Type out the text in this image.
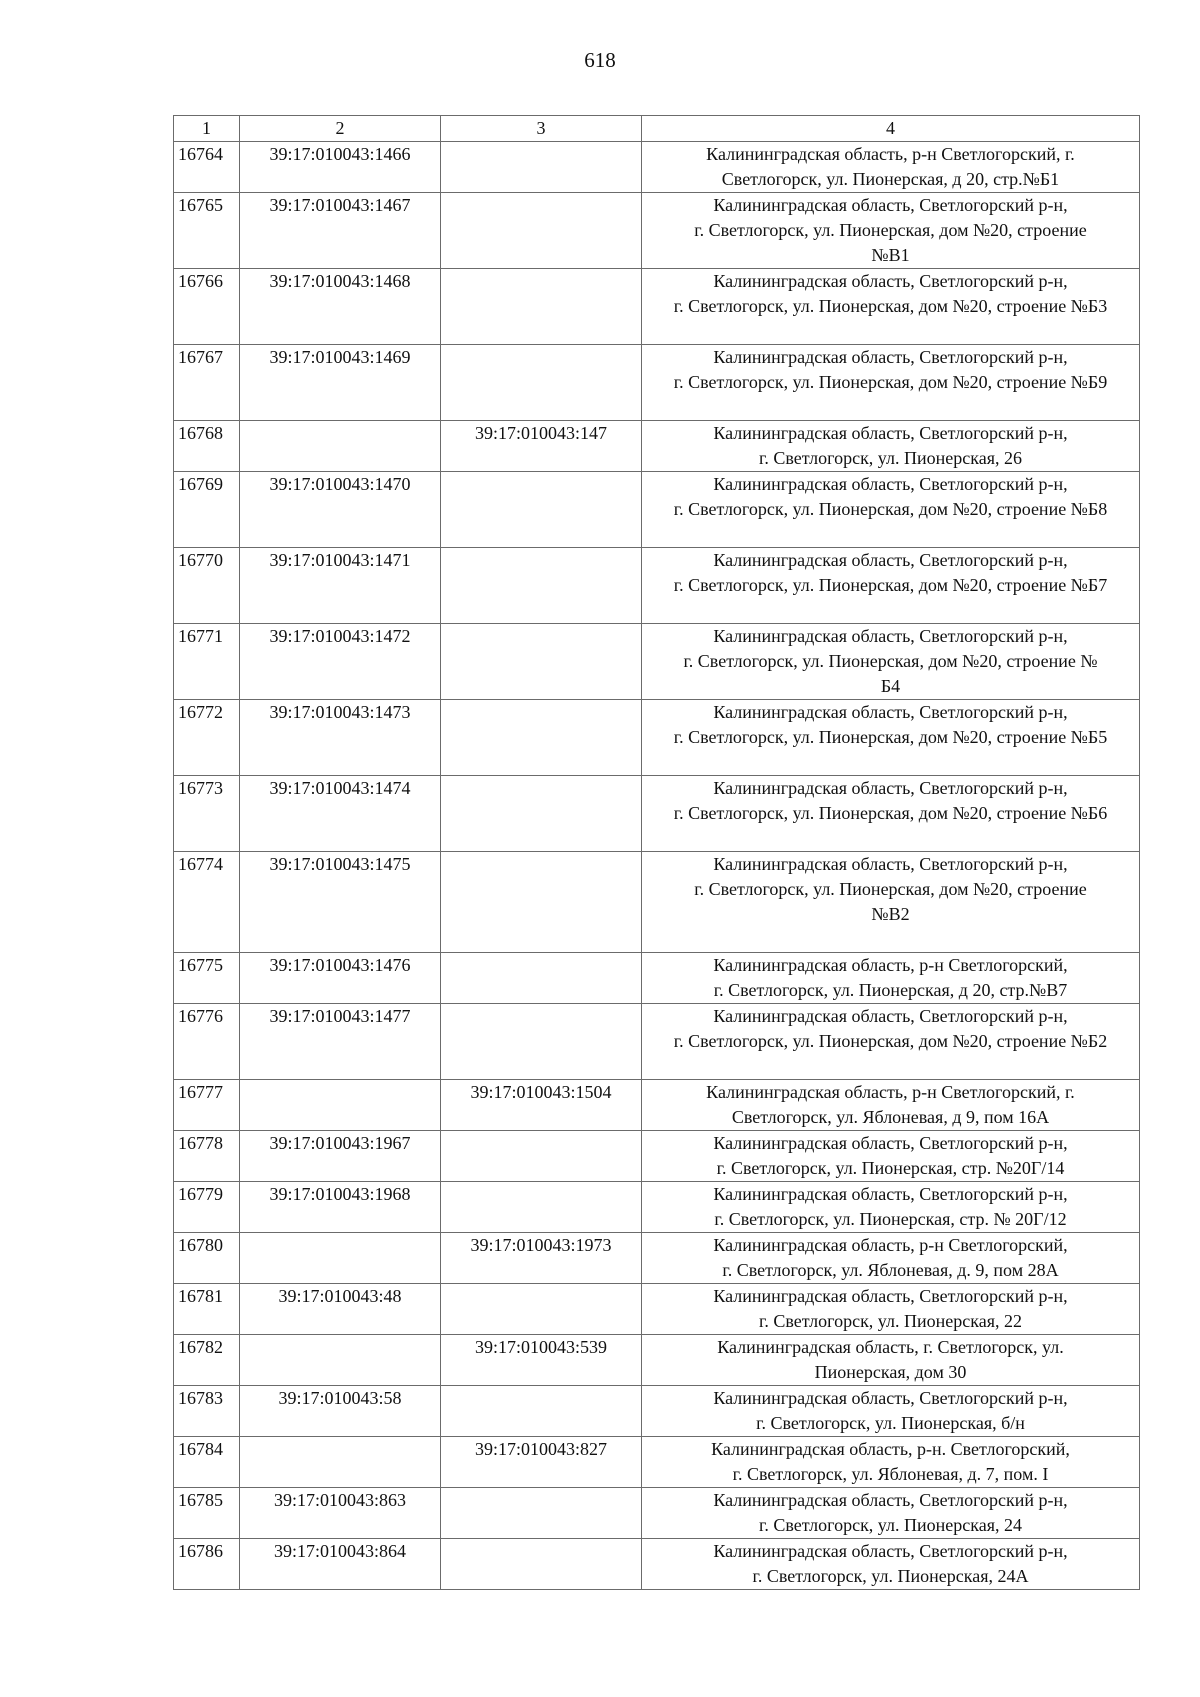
618
1	2	3	4
16764	39:17:010043:1466		Калининградская область, р-н Светлогорский, г.
Светлогорск, ул. Пионерская, д 20, стр.№Б1
16765	39:17:010043:1467		Калининградская область, Светлогорский р-н,
г. Светлогорск, ул. Пионерская, дом №20, строение
№В1
16766	39:17:010043:1468		Калининградская область, Светлогорский р-н,
г. Светлогорск, ул. Пионерская, дом №20, строение №Б3
16767	39:17:010043:1469		Калининградская область, Светлогорский р-н,
г. Светлогорск, ул. Пионерская, дом №20, строение №Б9
16768		39:17:010043:147	Калининградская область, Светлогорский р-н,
г. Светлогорск, ул. Пионерская, 26
16769	39:17:010043:1470		Калининградская область, Светлогорский р-н,
г. Светлогорск, ул. Пионерская, дом №20, строение №Б8
16770	39:17:010043:1471		Калининградская область, Светлогорский р-н,
г. Светлогорск, ул. Пионерская, дом №20, строение №Б7
16771	39:17:010043:1472		Калининградская область, Светлогорский р-н,
г. Светлогорск, ул. Пионерская, дом №20, строение №
Б4
16772	39:17:010043:1473		Калининградская область, Светлогорский р-н,
г. Светлогорск, ул. Пионерская, дом №20, строение №Б5
16773	39:17:010043:1474		Калининградская область, Светлогорский р-н,
г. Светлогорск, ул. Пионерская, дом №20, строение №Б6
16774	39:17:010043:1475		Калининградская область, Светлогорский р-н,
г. Светлогорск, ул. Пионерская, дом №20, строение
№В2
16775	39:17:010043:1476		Калининградская область, р-н Светлогорский,
г. Светлогорск, ул. Пионерская, д 20, стр.№В7
16776	39:17:010043:1477		Калининградская область, Светлогорский р-н,
г. Светлогорск, ул. Пионерская, дом №20, строение №Б2
16777		39:17:010043:1504	Калининградская область, р-н Светлогорский, г.
Светлогорск, ул. Яблоневая, д 9, пом 16А
16778	39:17:010043:1967		Калининградская область, Светлогорский р-н,
г. Светлогорск, ул. Пионерская, стр. №20Г/14
16779	39:17:010043:1968		Калининградская область, Светлогорский р-н,
г. Светлогорск, ул. Пионерская, стр. № 20Г/12
16780		39:17:010043:1973	Калининградская область, р-н Светлогорский,
г. Светлогорск, ул. Яблоневая, д. 9, пом 28А
16781	39:17:010043:48		Калининградская область, Светлогорский р-н,
г. Светлогорск, ул. Пионерская, 22
16782		39:17:010043:539	Калининградская область, г. Светлогорск, ул.
Пионерская, дом 30
16783	39:17:010043:58		Калининградская область, Светлогорский р-н,
г. Светлогорск, ул. Пионерская, б/н
16784		39:17:010043:827	Калининградская область, р-н. Светлогорский,
г. Светлогорск, ул. Яблоневая, д. 7, пом. I
16785	39:17:010043:863		Калининградская область, Светлогорский р-н,
г. Светлогорск, ул. Пионерская, 24
16786	39:17:010043:864		Калининградская область, Светлогорский р-н,
г. Светлогорск, ул. Пионерская, 24А
